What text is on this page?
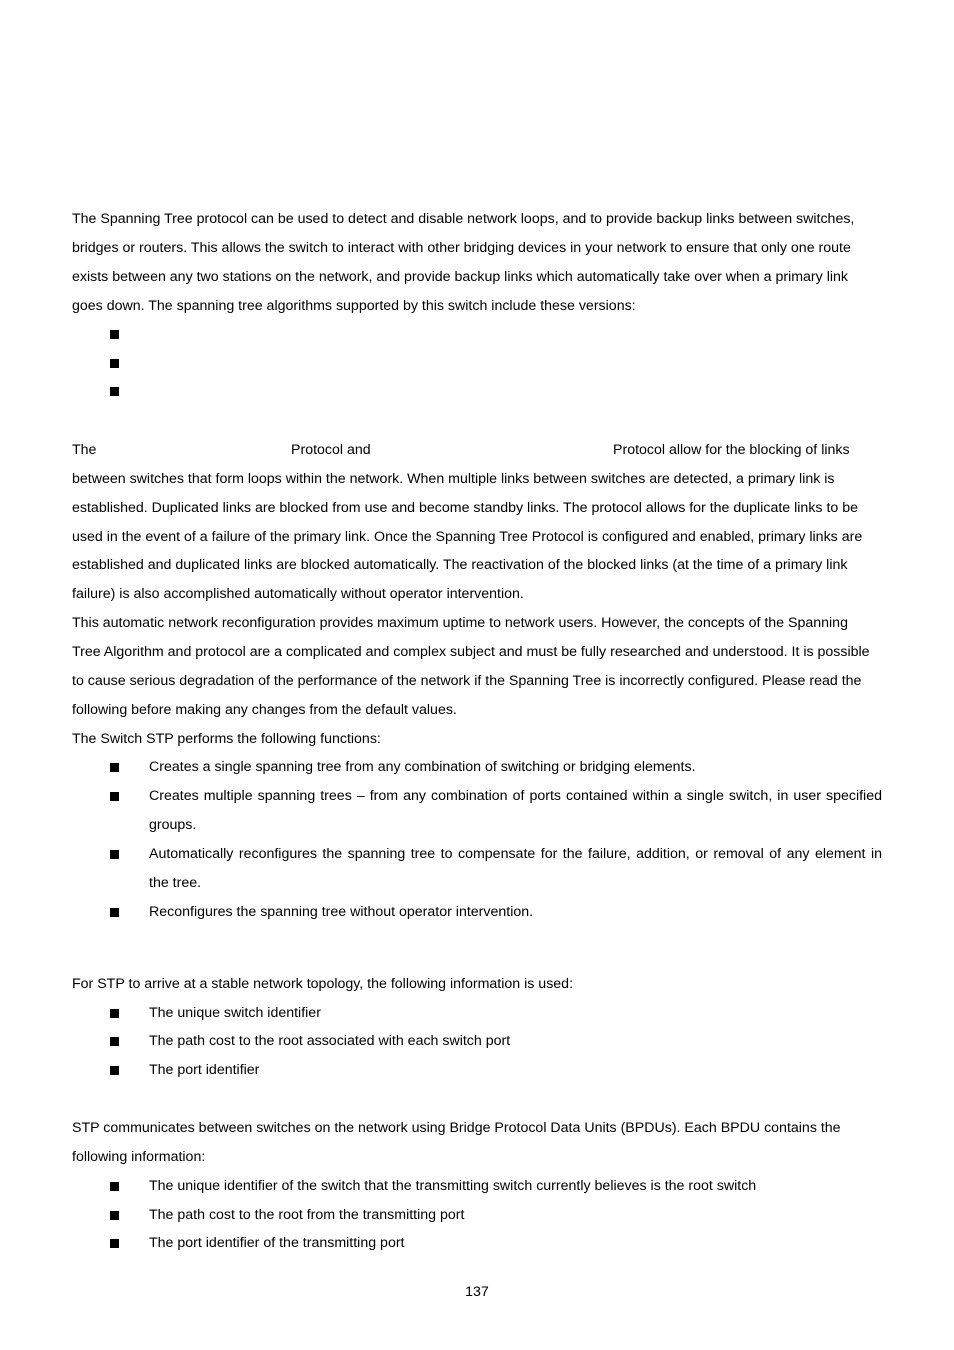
The Spanning Tree protocol can be used to detect and disable network loops, and to provide backup links between switches,
bridges or routers. This allows the switch to interact with other bridging devices in your network to ensure that only one route
exists between any two stations on the network, and provide backup links which automatically take over when a primary link
goes down. The spanning tree algorithms supported by this switch include these versions:
The	Protocol and	Protocol allow for the blocking of links
between switches that form loops within the network. When multiple links between switches are detected, a primary link is
established. Duplicated links are blocked from use and become standby links. The protocol allows for the duplicate links to be
used in the event of a failure of the primary link. Once the Spanning Tree Protocol is configured and enabled, primary links are
established and duplicated links are blocked automatically. The reactivation of the blocked links (at the time of a primary link
failure) is also accomplished automatically without operator intervention.
This automatic network reconfiguration provides maximum uptime to network users. However, the concepts of the Spanning
Tree Algorithm and protocol are a complicated and complex subject and must be fully researched and understood. It is possible
to cause serious degradation of the performance of the network if the Spanning Tree is incorrectly configured. Please read the
following before making any changes from the default values.
The Switch STP performs the following functions:
Creates a single spanning tree from any combination of switching or bridging elements.
Creates multiple spanning trees – from any combination of ports contained within a single switch, in user specified
groups.
Automatically reconfigures the spanning tree to compensate for the failure, addition, or removal of any element in
the tree.
Reconfigures the spanning tree without operator intervention.
For STP to arrive at a stable network topology, the following information is used:
The unique switch identifier
The path cost to the root associated with each switch port
The port identifier
STP communicates between switches on the network using Bridge Protocol Data Units (BPDUs). Each BPDU contains the
following information:
The unique identifier of the switch that the transmitting switch currently believes is the root switch
The path cost to the root from the transmitting port
The port identifier of the transmitting port
137
